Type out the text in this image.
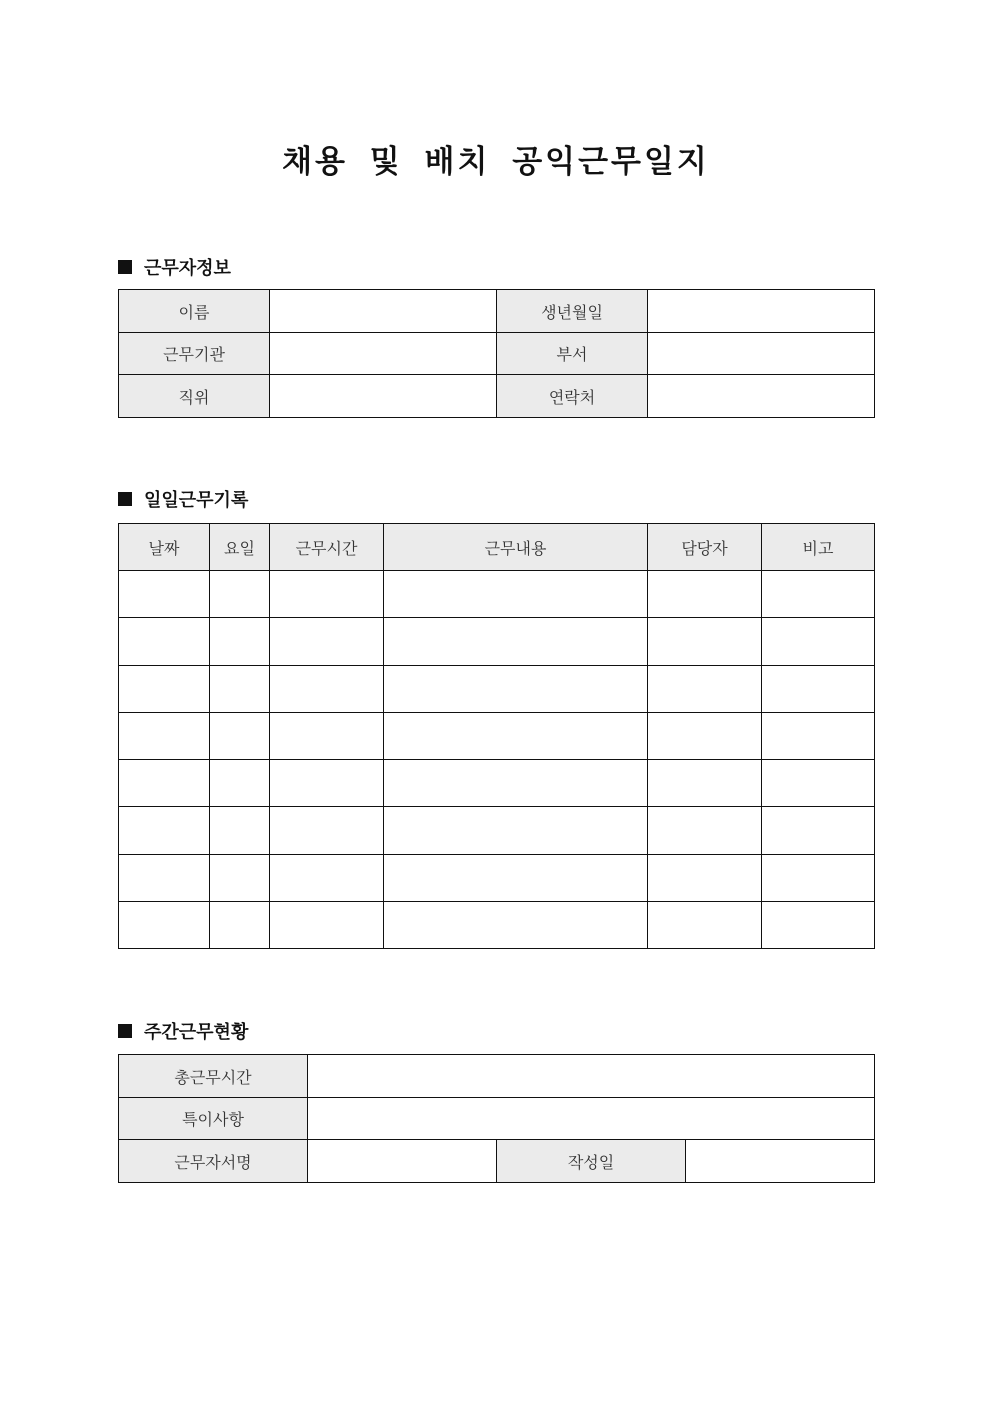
채용 및 배치 공익근무일지
근무자정보
이름		생년월일	
근무기관		부서	
직위		연락처	
일일근무기록
날짜	요일	근무시간	근무내용	담당자	비고

주간근무현황
총근무시간			
특이사항			
근무자서명		작성일	
